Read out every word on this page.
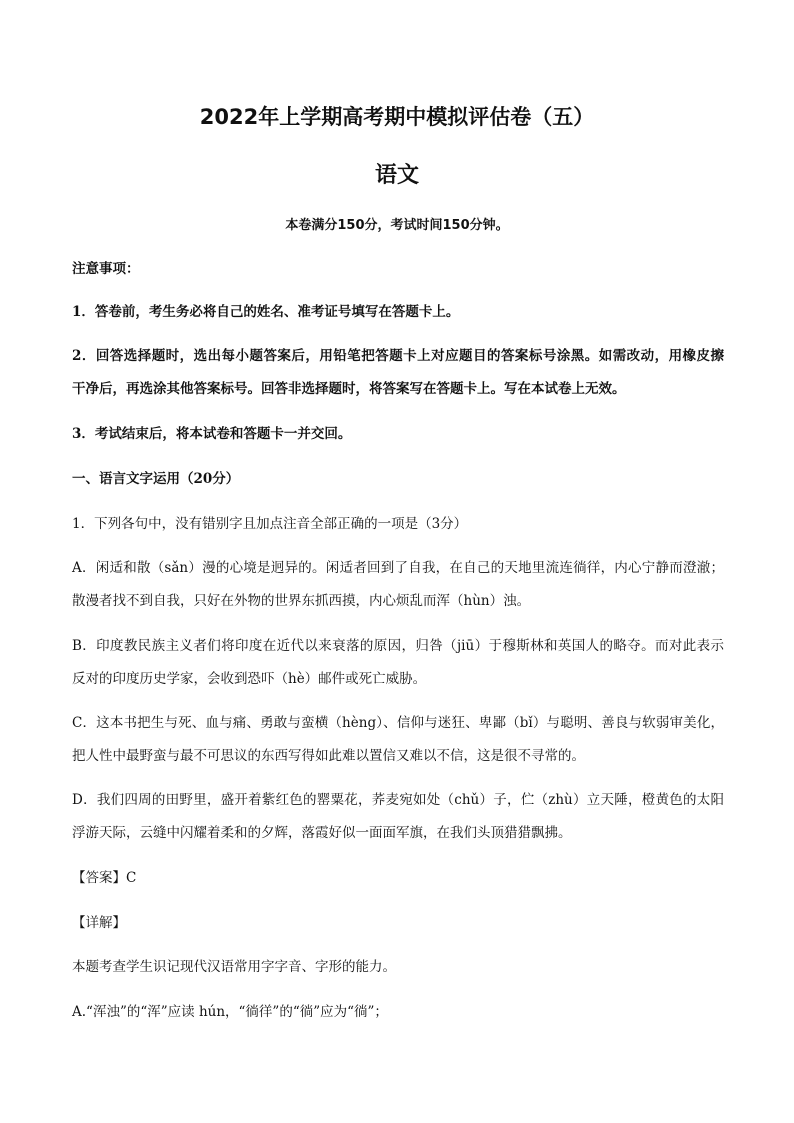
2022年上学期高考期中模拟评估卷（五）
语文
本卷满分150分，考试时间150分钟。
注意事项：
1．答卷前，考生务必将自己的姓名、准考证号填写在答题卡上。
2．回答选择题时，选出每小题答案后，用铅笔把答题卡上对应题目的答案标号涂黑。如需改动，用橡皮擦
干净后，再选涂其他答案标号。回答非选择题时，将答案写在答题卡上。写在本试卷上无效。
3．考试结束后，将本试卷和答题卡一并交回。
一、语言文字运用（20分）
1．下列各句中，没有错别字且加点注音全部正确的一项是（3分）
A．闲适和散（sǎn）漫的心境是迥异的。闲适者回到了自我，在自己的天地里流连徜徉，内心宁静而澄澈；
散漫者找不到自我，只好在外物的世界东抓西摸，内心烦乱而浑（hùn）浊。
B．印度教民族主义者们将印度在近代以来衰落的原因，归咎（jiū）于穆斯林和英国人的略夺。而对此表示
反对的印度历史学家，会收到恐吓（hè）邮件或死亡威胁。
C．这本书把生与死、血与痛、勇敢与蛮横（hèng）、信仰与迷狂、卑鄙（bǐ）与聪明、善良与软弱审美化，
把人性中最野蛮与最不可思议的东西写得如此难以置信又难以不信，这是很不寻常的。
D．我们四周的田野里，盛开着紫红色的罂粟花，荞麦宛如处（chǔ）子，伫（zhù）立天陲，橙黄色的太阳
浮游天际，云缝中闪耀着柔和的夕辉，落霞好似一面面军旗，在我们头顶猎猎飘拂。
【答案】C
【详解】
本题考查学生识记现代汉语常用字字音、字形的能力。
A.“浑浊”的“浑”应读 hún，“徜徉”的“徜”应为“徜”；
